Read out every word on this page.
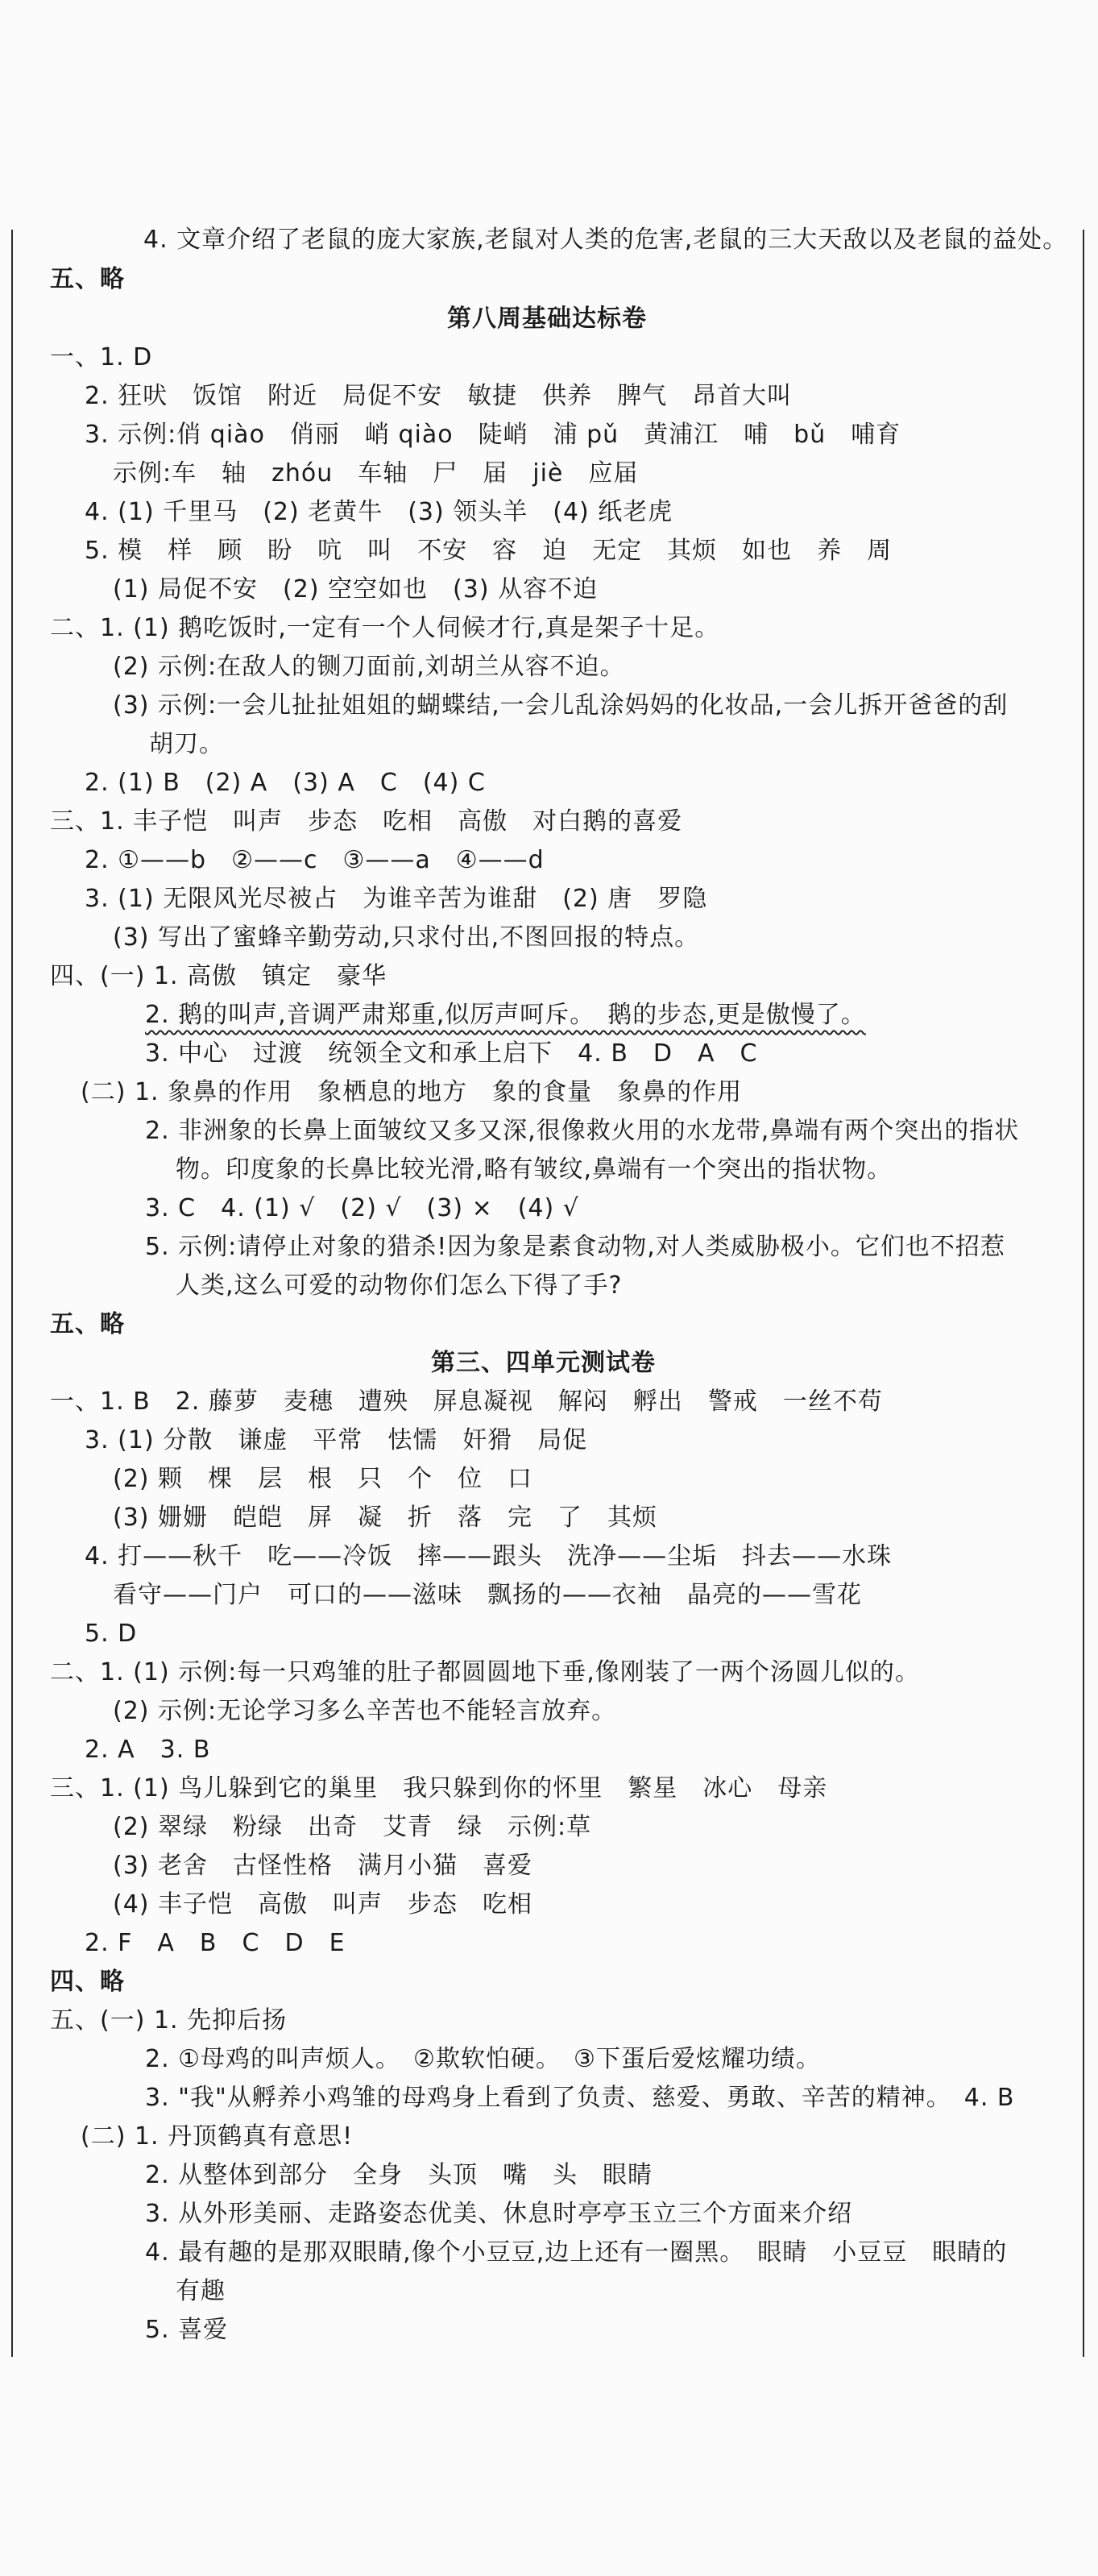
4. 文章介绍了老鼠的庞大家族,老鼠对人类的危害,老鼠的三大天敌以及老鼠的益处。
五、略
第八周基础达标卷
一、1. D
2. 狂吠　饭馆　附近　局促不安　敏捷　供养　脾气　昂首大叫
3. 示例:俏 qiào　俏丽　峭 qiào　陡峭　浦 pǔ　黄浦江　哺　bǔ　哺育
示例:车　轴　zhóu　车轴　尸　届　jiè　应届
4. (1) 千里马　(2) 老黄牛　(3) 领头羊　(4) 纸老虎
5. 模　样　顾　盼　吭　叫　不安　容　迫　无定　其烦　如也　养　周
(1) 局促不安　(2) 空空如也　(3) 从容不迫
二、1. (1) 鹅吃饭时,一定有一个人伺候才行,真是架子十足。
(2) 示例:在敌人的铡刀面前,刘胡兰从容不迫。
(3) 示例:一会儿扯扯姐姐的蝴蝶结,一会儿乱涂妈妈的化妆品,一会儿拆开爸爸的刮
胡刀。
2. (1) B　(2) A　(3) A　C　(4) C
三、1. 丰子恺　叫声　步态　吃相　高傲　对白鹅的喜爱
2. ①——b　②——c　③——a　④——d
3. (1) 无限风光尽被占　为谁辛苦为谁甜　(2) 唐　罗隐
(3) 写出了蜜蜂辛勤劳动,只求付出,不图回报的特点。
四、(一) 1. 高傲　镇定　豪华
2. 鹅的叫声,音调严肃郑重,似厉声呵斥。　鹅的步态,更是傲慢了。
3. 中心　过渡　统领全文和承上启下　4. B　D　A　C
(二) 1. 象鼻的作用　象栖息的地方　象的食量　象鼻的作用
2. 非洲象的长鼻上面皱纹又多又深,很像救火用的水龙带,鼻端有两个突出的指状
物。印度象的长鼻比较光滑,略有皱纹,鼻端有一个突出的指状物。
3. C　4. (1) √　(2) √　(3) ×　(4) √
5. 示例:请停止对象的猎杀!因为象是素食动物,对人类威胁极小。它们也不招惹
人类,这么可爱的动物你们怎么下得了手?
五、略
第三、四单元测试卷
一、1. B　2. 藤萝　麦穗　遭殃　屏息凝视　解闷　孵出　警戒　一丝不苟
3. (1) 分散　谦虚　平常　怯懦　奸猾　局促
(2) 颗　棵　层　根　只　个　位　口
(3) 姗姗　皑皑　屏　凝　折　落　完　了　其烦
4. 打——秋千　吃——冷饭　摔——跟头　洗净——尘垢　抖去——水珠
看守——门户　可口的——滋味　飘扬的——衣袖　晶亮的——雪花
5. D
二、1. (1) 示例:每一只鸡雏的肚子都圆圆地下垂,像刚装了一两个汤圆儿似的。
(2) 示例:无论学习多么辛苦也不能轻言放弃。
2. A　3. B
三、1. (1) 鸟儿躲到它的巢里　我只躲到你的怀里　繁星　冰心　母亲
(2) 翠绿　粉绿　出奇　艾青　绿　示例:草
(3) 老舍　古怪性格　满月小猫　喜爱
(4) 丰子恺　高傲　叫声　步态　吃相
2. F　A　B　C　D　E
四、略
五、(一) 1. 先抑后扬
2. ①母鸡的叫声烦人。　②欺软怕硬。　③下蛋后爱炫耀功绩。
3. "我"从孵养小鸡雏的母鸡身上看到了负责、慈爱、勇敢、辛苦的精神。　4. B
(二) 1. 丹顶鹤真有意思!
2. 从整体到部分　全身　头顶　嘴　头　眼睛
3. 从外形美丽、走路姿态优美、休息时亭亭玉立三个方面来介绍
4. 最有趣的是那双眼睛,像个小豆豆,边上还有一圈黑。　眼睛　小豆豆　眼睛的
有趣
5. 喜爱
